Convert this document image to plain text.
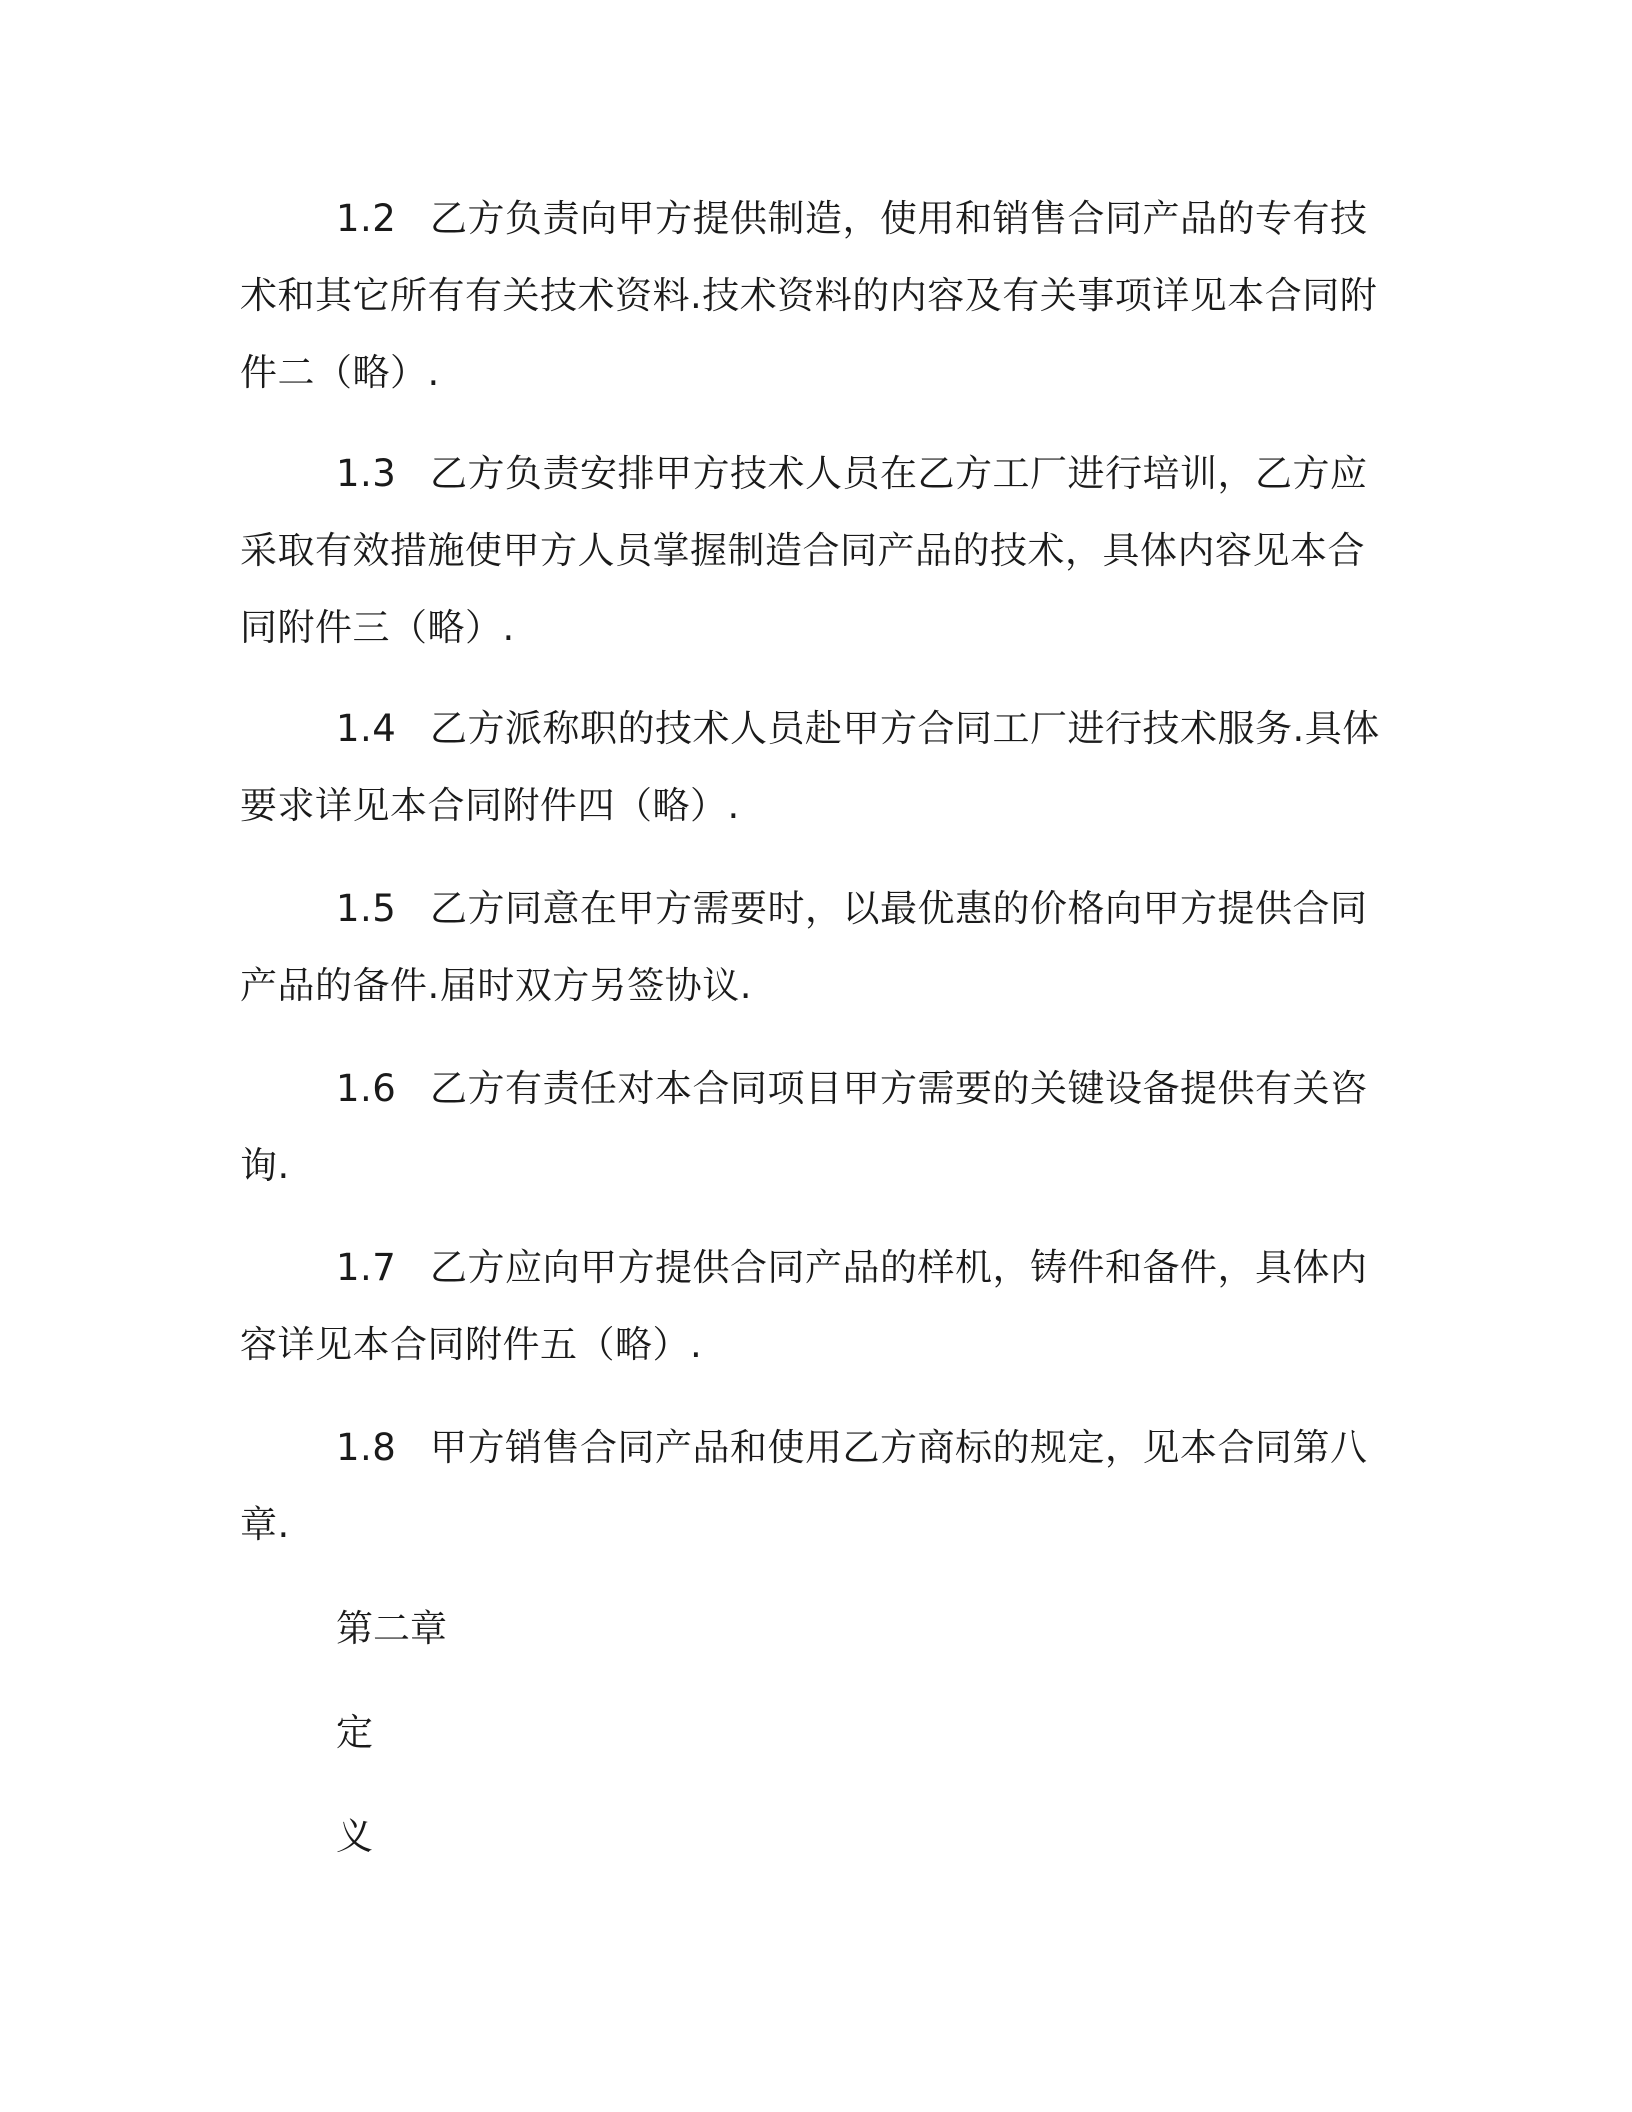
1.2 乙方负责向甲方提供制造，使用和销售合同产品的专有技
术和其它所有有关技术资料.技术资料的内容及有关事项详见本合同附
件二（略）.
1.3 乙方负责安排甲方技术人员在乙方工厂进行培训，乙方应
采取有效措施使甲方人员掌握制造合同产品的技术，具体内容见本合
同附件三（略）.
1.4 乙方派称职的技术人员赴甲方合同工厂进行技术服务.具体
要求详见本合同附件四（略）.
1.5 乙方同意在甲方需要时，以最优惠的价格向甲方提供合同
产品的备件.届时双方另签协议.
1.6 乙方有责任对本合同项目甲方需要的关键设备提供有关咨
询.
1.7 乙方应向甲方提供合同产品的样机，铸件和备件，具体内
容详见本合同附件五（略）.
1.8 甲方销售合同产品和使用乙方商标的规定，见本合同第八
章.

第二章

定

义
